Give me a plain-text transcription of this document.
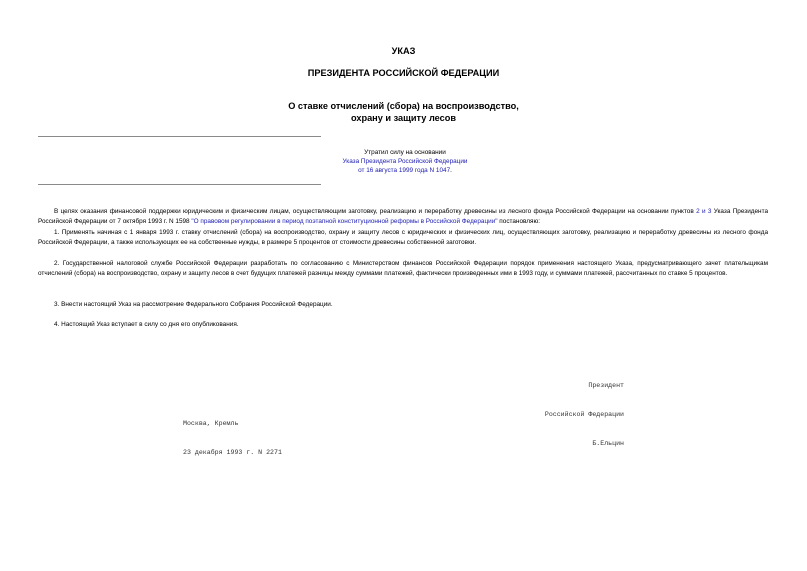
УКАЗ
ПРЕЗИДЕНТА РОССИЙСКОЙ ФЕДЕРАЦИИ
О ставке отчислений (сбора) на воспроизводство,
охрану и защиту лесов
Утратил силу на основании
Указа Президента Российской Федерации
от 16 августа 1999 года N 1047.
В целях оказания финансовой поддержки юридическим и физическим лицам, осуществляющим заготовку, реализацию и переработку древесины из лесного фонда Российской Федерации на основании пунктов 2 и 3 Указа Президента Российской Федерации от 7 октября 1993 г. N 1598 "О правовом регулировании в период поэтапной конституционной реформы в Российской Федерации" постановляю:
1. Применять начиная с 1 января 1993 г. ставку отчислений (сбора) на воспроизводство, охрану и защиту лесов с юридических и физических лиц, осуществляющих заготовку, реализацию и переработку древесины из лесного фонда Российской Федерации, а также использующих ее на собственные нужды, в размере 5 процентов от стоимости древесины собственной заготовки.
2. Государственной налоговой службе Российской Федерации разработать по согласованию с Министерством финансов Российской Федерации порядок применения настоящего Указа, предусматривающего зачет плательщикам отчислений (сбора) на воспроизводство, охрану и защиту лесов в счет будущих платежей разницы между суммами платежей, фактически произведенных ими в 1993 году, и суммами платежей, рассчитанных по ставке 5 процентов.
3. Внести настоящий Указ на рассмотрение Федерального Собрания Российской Федерации.
4. Настоящий Указ вступает в силу со дня его опубликования.

Президент

Российской Федерации

Б.Ельцин

Москва, Кремль

23 декабря 1993 г. N 2271
